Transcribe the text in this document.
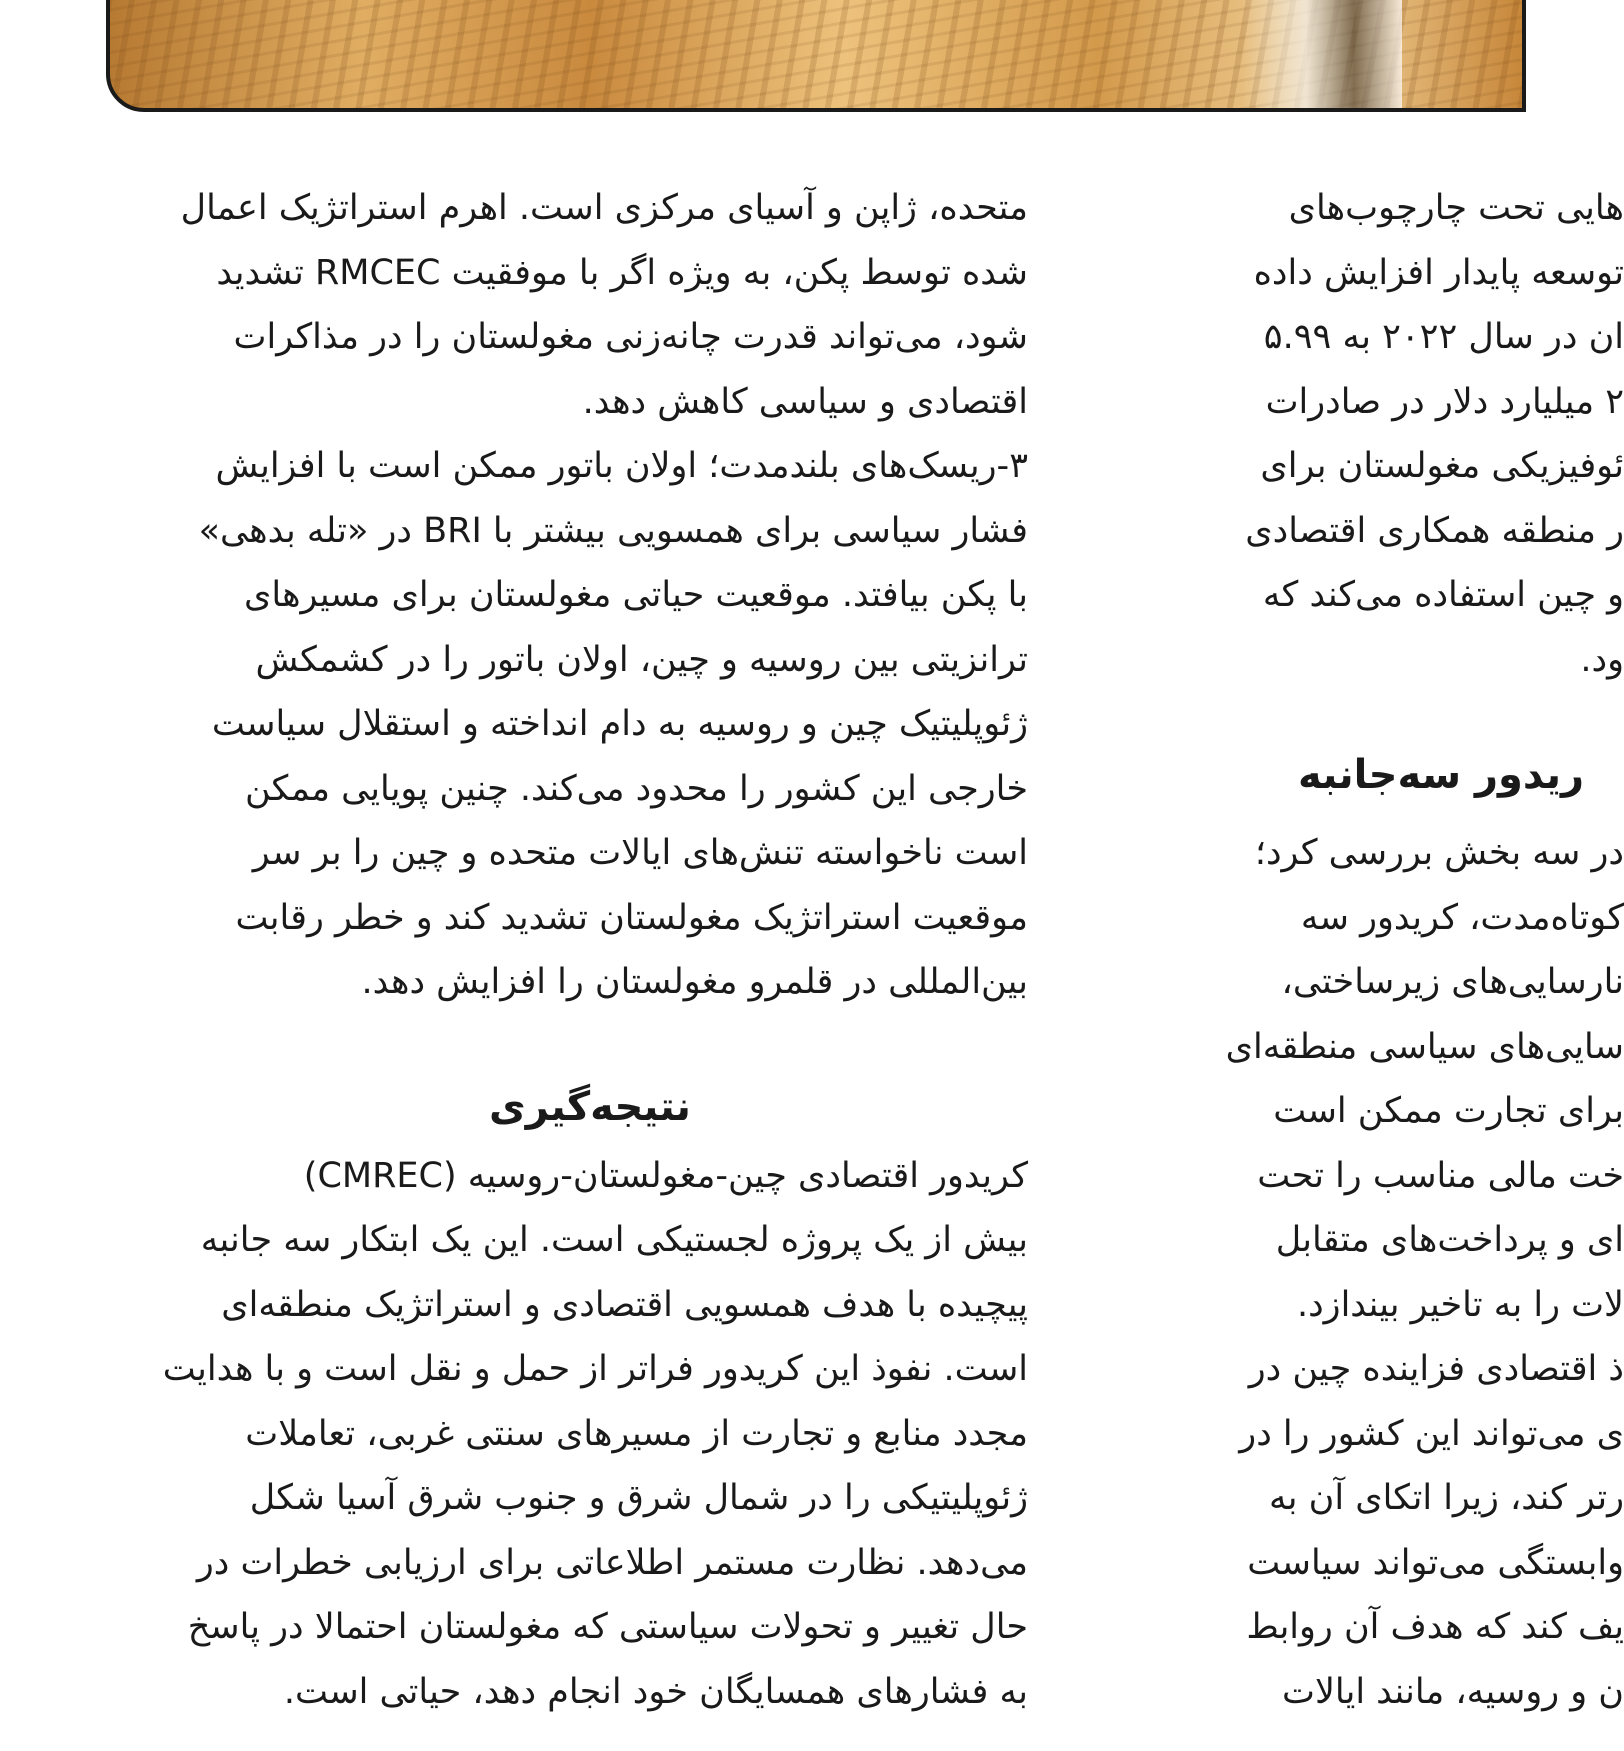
متحده، ژاپن و آسیای مرکزی است. اهرم استراتژیک اعمال
شده توسط پکن، به ویژه اگر با موفقیت RMCEC تشدید
شود، می‌تواند قدرت چانه‌زنی مغولستان را در مذاکرات
اقتصادی و سیاسی کاهش دهد.
۳-ریسک‌های بلندمدت؛ اولان باتور ممکن است با افزایش
فشار سیاسی برای همسویی بیشتر با BRI در «تله بدهی»
با پکن بیافتد. موقعیت حیاتی مغولستان برای مسیرهای
ترانزیتی بین روسیه و چین، اولان باتور را در کشمکش
ژئوپلیتیک چین و روسیه به دام انداخته و استقلال سیاست
خارجی این کشور را محدود می‌کند. چنین پویایی ممکن
است ناخواسته تنش‌های ایالات متحده و چین را بر سر
موقعیت استراتژیک مغولستان تشدید کند و خطر رقابت
بین‌المللی در قلمرو مغولستان را افزایش دهد.
کریدور اقتصادی چین-مغولستان-روسیه (CMREC)
بیش از یک پروژه لجستیکی است. این یک ابتکار سه جانبه
پیچیده با هدف همسویی اقتصادی و استراتژیک منطقه‌ای
است. نفوذ این کریدور فراتر از حمل و نقل است و با هدایت
مجدد منابع و تجارت از مسیرهای سنتی غربی، تعاملات
ژئوپلیتیکی را در شمال شرق و جنوب شرق آسیا شکل
می‌دهد. نظارت مستمر اطلاعاتی برای ارزیابی خطرات در
حال تغییر و تحولات سیاستی که مغولستان احتمالا در پاسخ
به فشارهای همسایگان خود انجام دهد، حیاتی است.
نتیجه‌گیری
هایی تحت چارچوب‌های
توسعه پایدار افزایش داده
ان در سال ۲۰۲۲ به ۵.۹۹
۲ میلیارد دلار در صادرات
ئوفیزیکی مغولستان برای
ر منطقه همکاری اقتصادی
و چین استفاده می‌کند که
ود.
در سه بخش بررسی کرد؛
کوتاه‌مدت، کریدور سه
نارسایی‌های زیرساختی،
سایی‌های سیاسی منطقه‌ای
برای تجارت ممکن است
خت مالی مناسب را تحت
ای و پرداخت‌های متقابل
لات را به تاخیر بیندازد.
ذ اقتصادی فزاینده چین در
ی می‌تواند این کشور را در
رتر کند، زیرا اتکای آن به
وابستگی می‌تواند سیاست
یف کند که هدف آن روابط
ن و روسیه، مانند ایالات
ریدور سه‌جانبه
